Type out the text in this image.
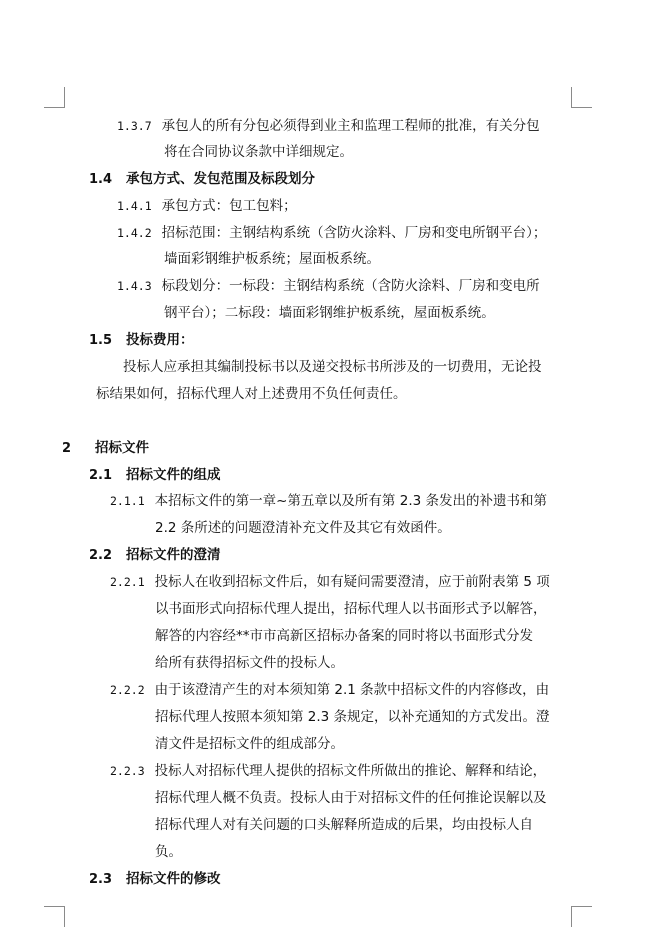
1.3.7 承包人的所有分包必须得到业主和监理工程师的批准，有关分包
将在合同协议条款中详细规定。
1.4 承包方式、发包范围及标段划分
1.4.1 承包方式：包工包料；
1.4.2 招标范围：主钢结构系统（含防火涂料、厂房和变电所钢平台）；
墙面彩钢维护板系统；屋面板系统。
1.4.3 标段划分：一标段：主钢结构系统（含防火涂料、厂房和变电所
钢平台）；二标段：墙面彩钢维护板系统，屋面板系统。
1.5 投标费用：
投标人应承担其编制投标书以及递交投标书所涉及的一切费用，无论投
标结果如何，招标代理人对上述费用不负任何责任。
2 招标文件
2.1 招标文件的组成
2.1.1 本招标文件的第一章~第五章以及所有第 2.3 条发出的补遗书和第
2.2 条所述的问题澄清补充文件及其它有效函件。
2.2 招标文件的澄清
2.2.1 投标人在收到招标文件后，如有疑问需要澄清，应于前附表第 5 项
以书面形式向招标代理人提出，招标代理人以书面形式予以解答，
解答的内容经**市市高新区招标办备案的同时将以书面形式分发
给所有获得招标文件的投标人。
2.2.2 由于该澄清产生的对本须知第 2.1 条款中招标文件的内容修改，由
招标代理人按照本须知第 2.3 条规定，以补充通知的方式发出。澄
清文件是招标文件的组成部分。
2.2.3 投标人对招标代理人提供的招标文件所做出的推论、解释和结论，
招标代理人概不负责。投标人由于对招标文件的任何推论误解以及
招标代理人对有关问题的口头解释所造成的后果，均由投标人自
负。
2.3 招标文件的修改
